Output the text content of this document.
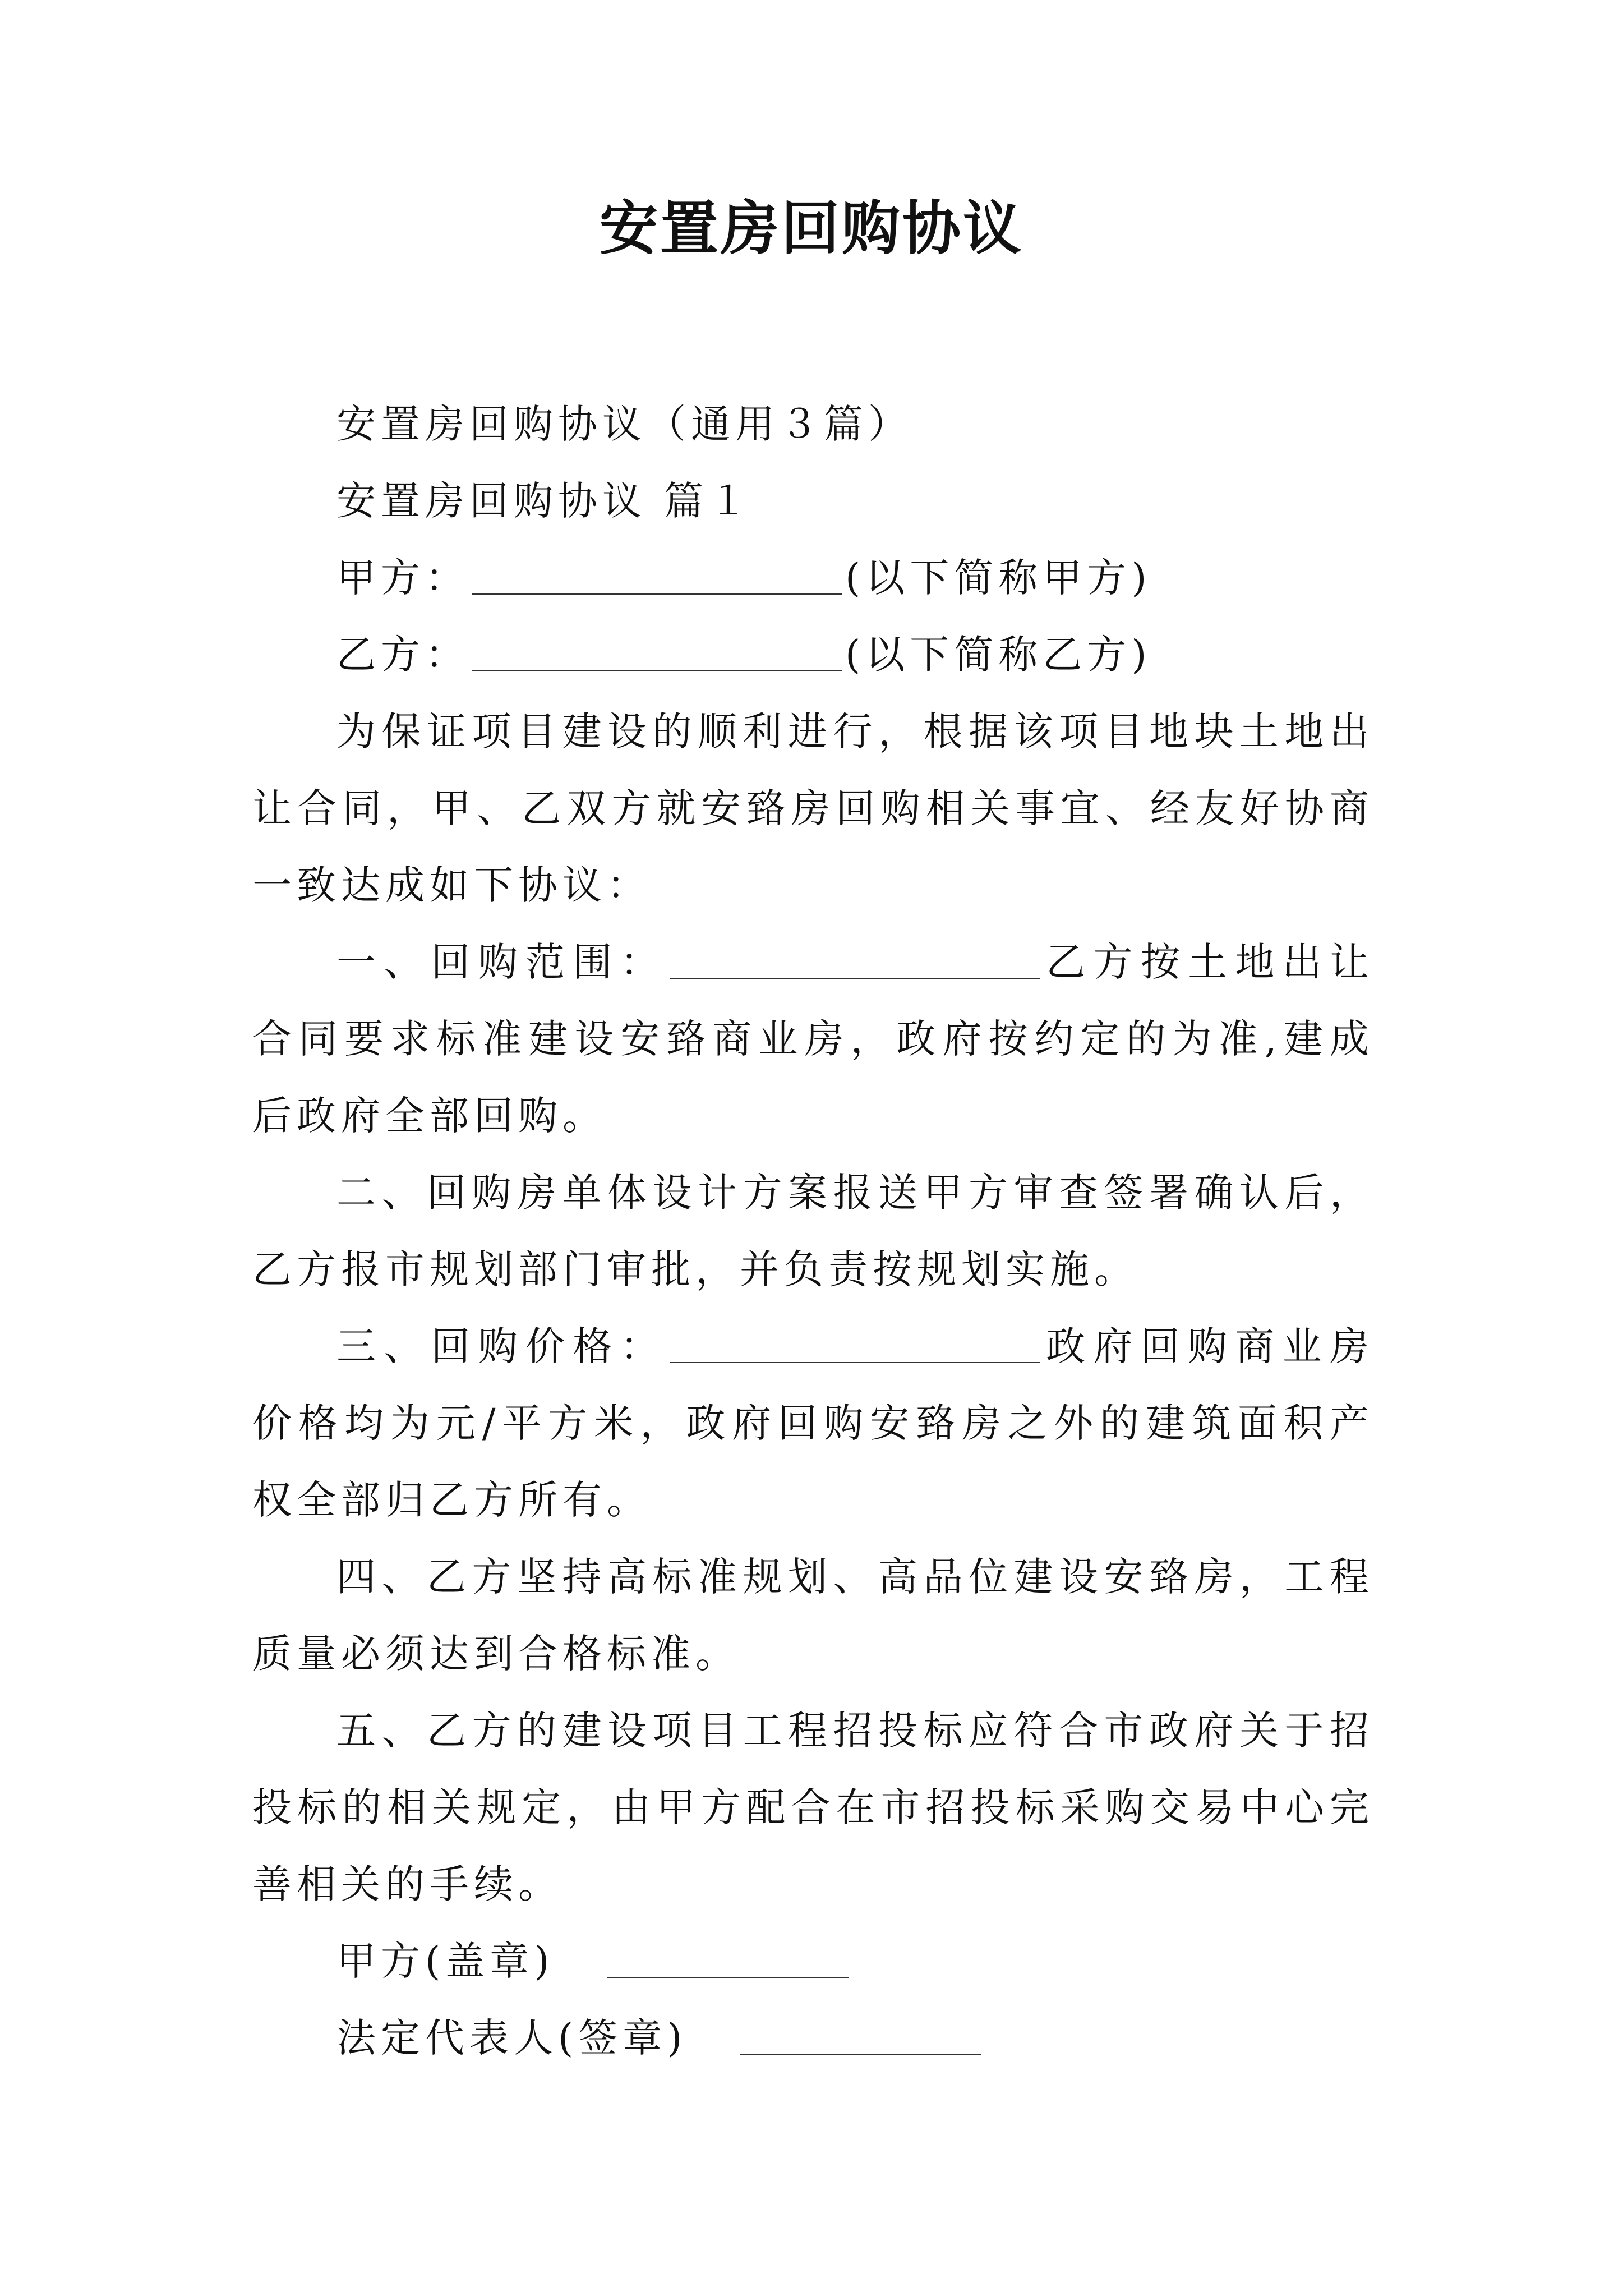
安置房回购协议

安置房回购协议（通用３篇）

安置房回购协议 篇１

甲方：	(以下简称甲方)

乙方：	(以下简称乙方)

为保证项目建设的顺利进行，根据该项目地块土地出让合同，甲、乙双方就安臵房回购相关事宜、经友好协商一致达成如下协议：

一、回购范围：	乙方按土地出让合同要求标准建设安臵商业房，政府按约定的为准,建成后政府全部回购。

二、回购房单体设计方案报送甲方审查签署确认后，乙方报市规划部门审批，并负责按规划实施。

三、回购价格：	政府回购商业房价格均为元/平方米，政府回购安臵房之外的建筑面积产权全部归乙方所有。

四、乙方坚持高标准规划、高品位建设安臵房，工程质量必须达到合格标准。

五、乙方的建设项目工程招投标应符合市政府关于招投标的相关规定，由甲方配合在市招投标采购交易中心完善相关的手续。

甲方(盖章)

法定代表人(签章)
